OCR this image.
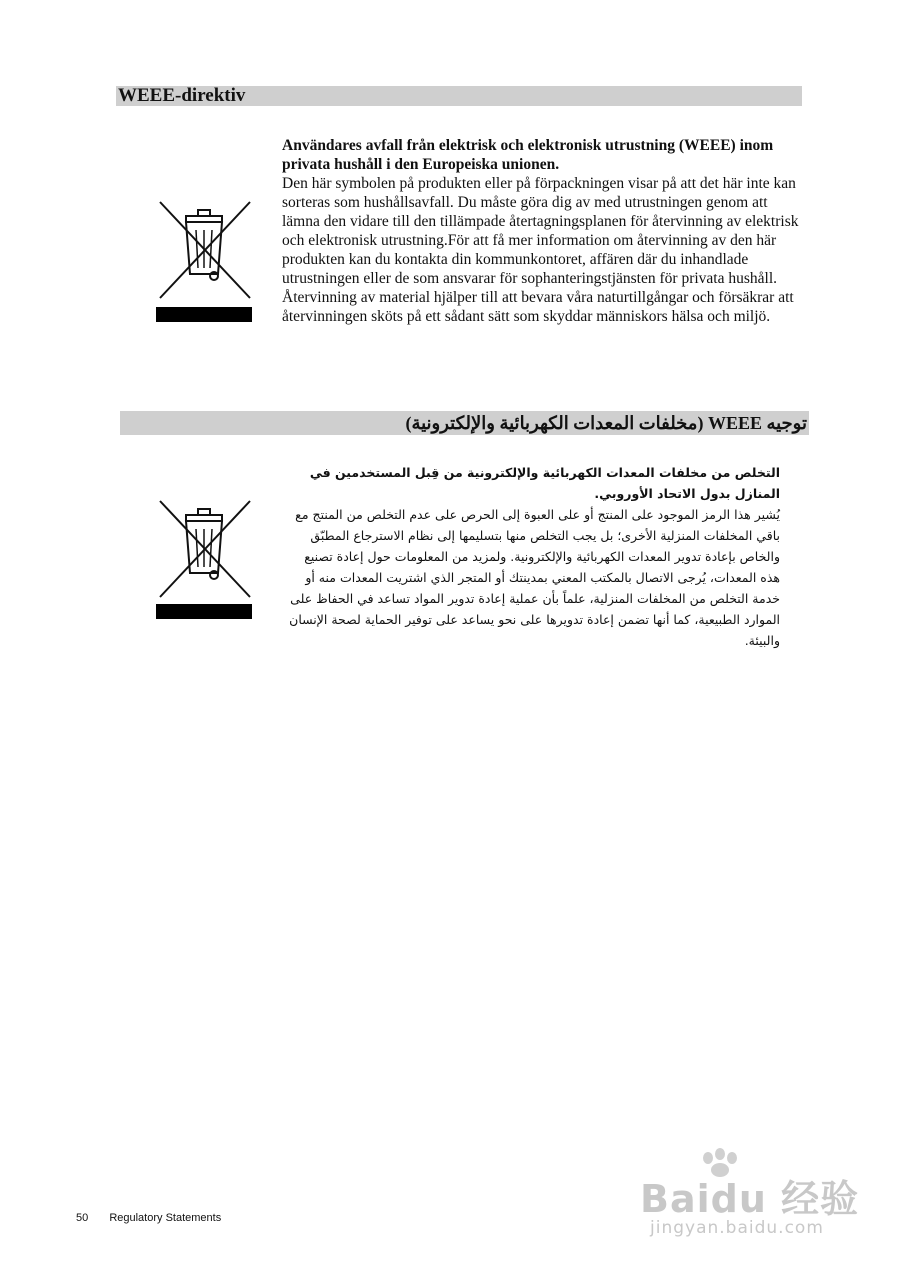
WEEE-direktiv

Användares avfall från elektrisk och elektronisk utrustning (WEEE) inom privata hushåll i den Europeiska unionen.

Den här symbolen på produkten eller på förpackningen visar på att det här inte kan sorteras som hushållsavfall. Du måste göra dig av med utrustningen genom att lämna den vidare till den tillämpade återtagningsplanen för återvinning av elektrisk och elektronisk utrustning.För att få mer information om återvinning av den här produkten kan du kontakta din kommunkontoret, affären där du inhandlade utrustningen eller de som ansvarar för sophanteringstjänsten för privata hushåll. Återvinning av material hjälper till att bevara våra naturtillgångar och försäkrar att återvinningen sköts på ett sådant sätt som skyddar människors hälsa och miljö.

توجيه WEEE (مخلفات المعدات الكهربائية والإلكترونية)

التخلص من مخلفات المعدات الكهربائية والإلكترونية من قِبل المستخدمين في المنازل بدول الاتحاد الأوروبي.

يُشير هذا الرمز الموجود على المنتج أو على العبوة إلى الحرص على عدم التخلص من المنتج مع باقي المخلفات المنزلية الأخرى؛ بل يجب التخلص منها بتسليمها إلى نظام الاسترجاع المطبّق والخاص بإعادة تدوير المعدات الكهربائية والإلكترونية. ولمزيد من المعلومات حول إعادة تصنيع هذه المعدات، يُرجى الاتصال بالمكتب المعني بمدينتك أو المتجر الذي اشتريت المعدات منه أو خدمة التخلص من المخلفات المنزلية، علماً بأن عملية إعادة تدوير المواد تساعد في الحفاظ على الموارد الطبيعية، كما أنها تضمن إعادة تدويرها على نحو يساعد على توفير الحماية لصحة الإنسان والبيئة.

50 Regulatory Statements	Baidu 经验
jingyan.baidu.com
